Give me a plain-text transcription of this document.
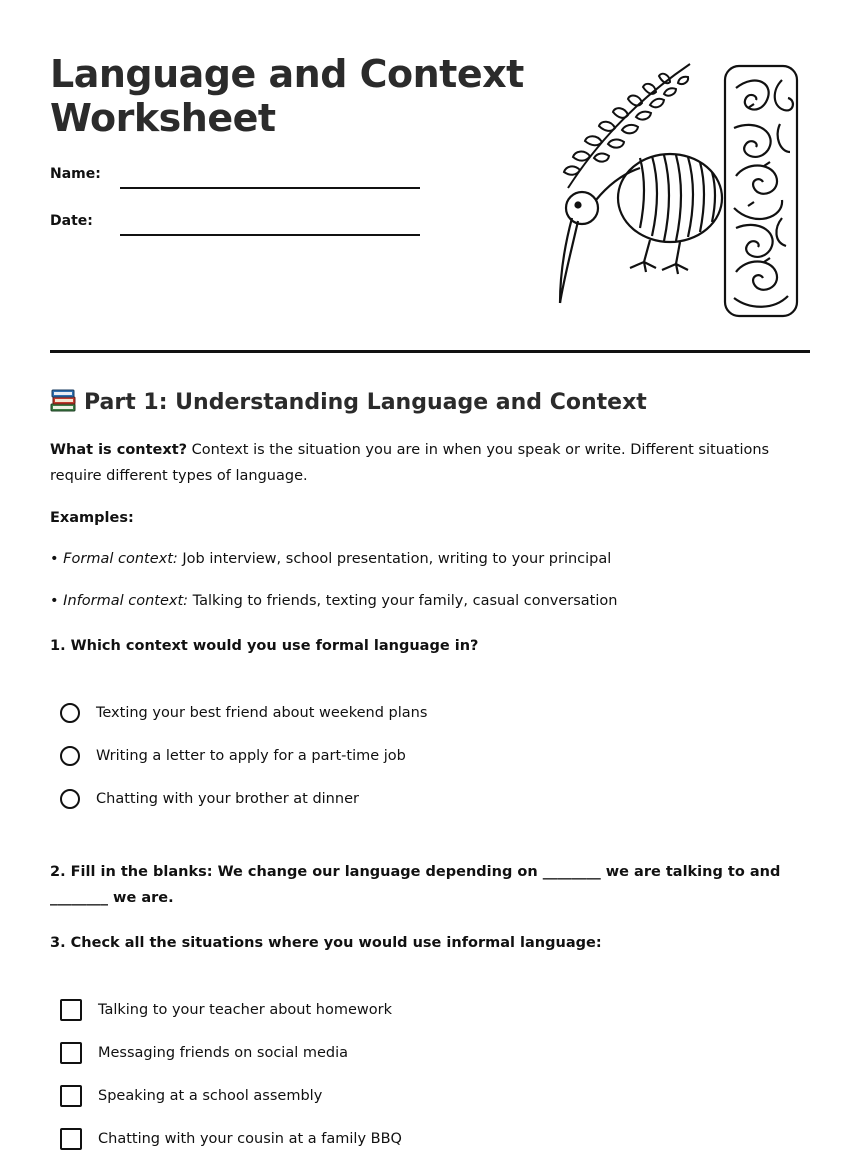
Language and Context
Worksheet
Name:
Date:
Part 1: Understanding Language and Context
What is context? Context is the situation you are in when you speak or write. Different situations require different types of language.
Examples:
• Formal context: Job interview, school presentation, writing to your principal
• Informal context: Talking to friends, texting your family, casual conversation
1. Which context would you use formal language in?
Texting your best friend about weekend plans
Writing a letter to apply for a part-time job
Chatting with your brother at dinner
2. Fill in the blanks: We change our language depending on ________ we are talking to and ________ we are.
3. Check all the situations where you would use informal language:
Talking to your teacher about homework
Messaging friends on social media
Speaking at a school assembly
Chatting with your cousin at a family BBQ
